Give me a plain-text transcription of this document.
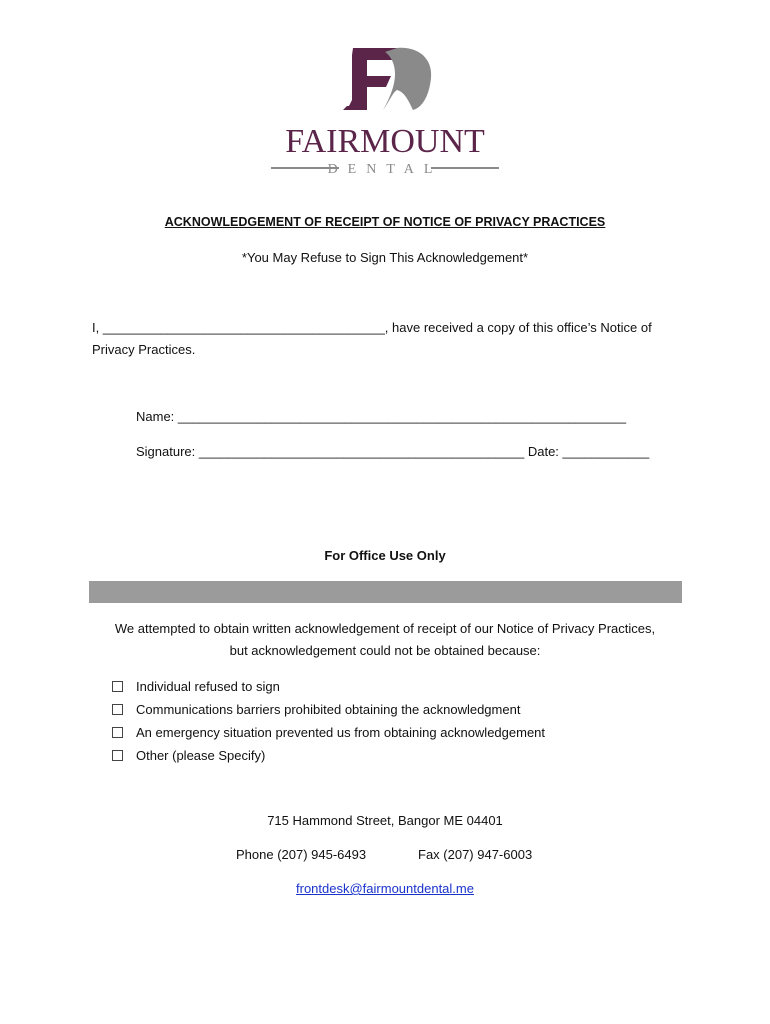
FAIRMOUNT
DENTAL
ACKNOWLEDGEMENT OF RECEIPT OF NOTICE OF PRIVACY PRACTICES
*You May Refuse to Sign This Acknowledgement*
I, _______________________________________, have received a copy of this office’s Notice of
Privacy Practices.
Name: ______________________________________________________________
Signature: _____________________________________________ Date: ____________
For Office Use Only
We attempted to obtain written acknowledgement of receipt of our Notice of Privacy Practices,
but acknowledgement could not be obtained because:
Individual refused to sign
Communications barriers prohibited obtaining the acknowledgment
An emergency situation prevented us from obtaining acknowledgement
Other (please Specify)
715 Hammond Street, Bangor ME 04401
Phone (207) 945-6493	Fax (207) 947-6003
frontdesk@fairmountdental.me
